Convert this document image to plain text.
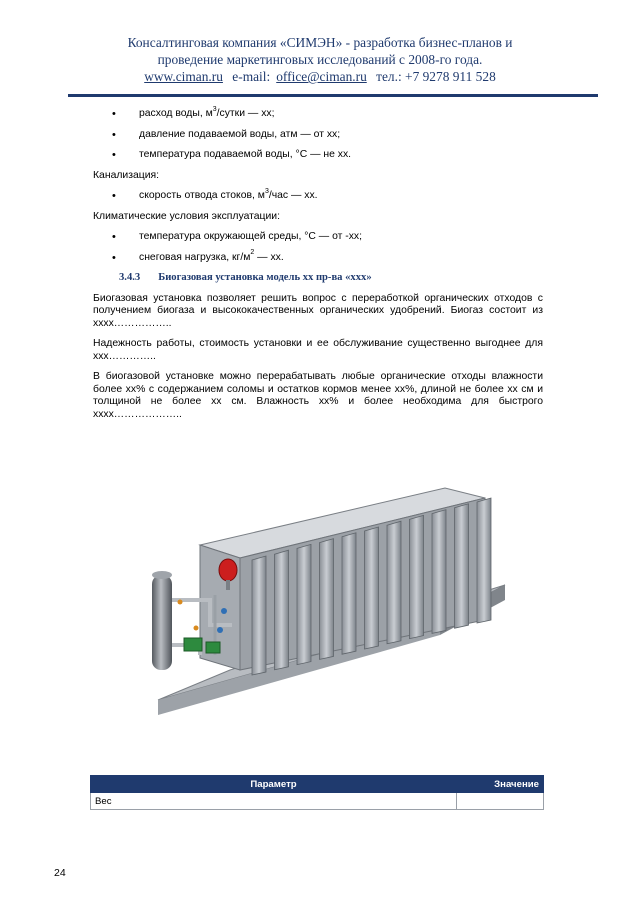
Консалтинговая компания «СИМЭН» - разработка бизнес-планов и
проведение маркетинговых исследований с 2008-го года.
www.ciman.ru e-mail: office@ciman.ru тел.: +7 9278 911 528
• расход воды, $м^3$/сутки — хх;
• давление подаваемой воды, атм — от хх;
• температура подаваемой воды, °С — не хх.
Канализация:
• скорость отвода стоков, $м^3$/час — хх.
Климатические условия эксплуатации:
• температура окружающей среды, °С — от -хх;
• снеговая нагрузка, $кг/м^2$ — хх.
3.4.3 Биогазовая установка модель хх пр-ва «ххх»

Биогазовая установка позволяет решить вопрос с переработкой органических отходов с получением биогаза и высококачественных органических удобрений. Биогаз состоит из хххх……………..

Надежность работы, стоимость установки и ее обслуживание существенно выгоднее для ххх…………..

В биогазовой установке можно перерабатывать любые органические отходы влажности более хх% с содержанием соломы и остатков кормов менее хх%, длиной не более хх см и толщиной не более хх см. Влажность хх% и более необходима для быстрого хххх………………..

Параметр	Значение
Вес	
24
